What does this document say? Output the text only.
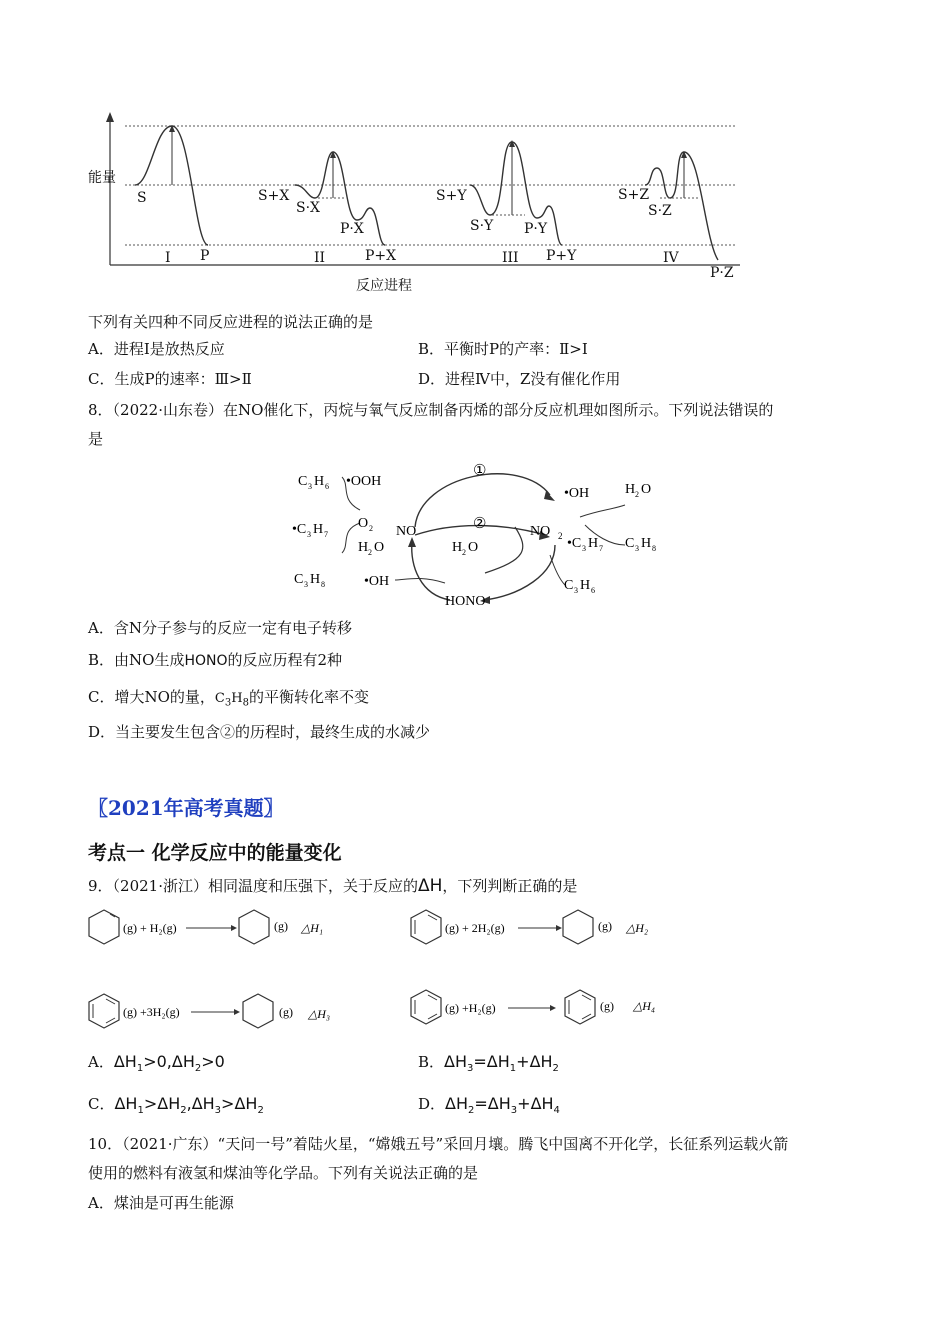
能量
反应进程
S
P
I
S+X
S·X
P·X
P+X
II
S+Y
S·Y P·Y
P+Y
III
S+Z
S·Z
P·Z
IV
下列有关四种不同反应进程的说法正确的是
A．进程Ⅰ是放热反应	B．平衡时P的产率：Ⅱ>Ⅰ
C．生成P的速率：Ⅲ>Ⅱ	D．进程Ⅳ中，Z没有催化作用
8．（2022·山东卷）在NO催化下，丙烷与氧气反应制备丙烯的部分反应机理如图所示。下列说法错误的
是
①
②
NO	NO 2
HONO
•OOH
•OH
•OH
C 3 H 6
•C 3 H 7
O 2
H 2 O
C 3 H 8
H 2 O
H 2 O
C 3 H 8
•C 3 H 7
C 3 H 6
A．含N分子参与的反应一定有电子转移
B．由NO生成HONO的反应历程有2种
C．增大NO的量，$C_3H_8$的平衡转化率不变
D．当主要发生包含②的历程时，最终生成的水减少
〖2021年高考真题〗
考点一 化学反应中的能量变化
9．（2021·浙江）相同温度和压强下，关于反应的ΔH，下列判断正确的是
(g) + H₂(g)	(g) △H₁	(g) + 2H₂(g)	(g) △H₂
(g) +3H₂(g)	(g) △H₃	(g) +H₂(g)	(g) △H₄
A．$\Delta H_1>0,\Delta H_2>0$	B．$\Delta H_3=\Delta H_1+\Delta H_2$
C．$\Delta H_1>\Delta H_2,\Delta H_3>\Delta H_2$	D．$\Delta H_2=\Delta H_3+\Delta H_4$
10．（2021·广东）“天问一号”着陆火星，“嫦娥五号”采回月壤。腾飞中国离不开化学，长征系列运载火箭
使用的燃料有液氢和煤油等化学品。下列有关说法正确的是
A．煤油是可再生能源
